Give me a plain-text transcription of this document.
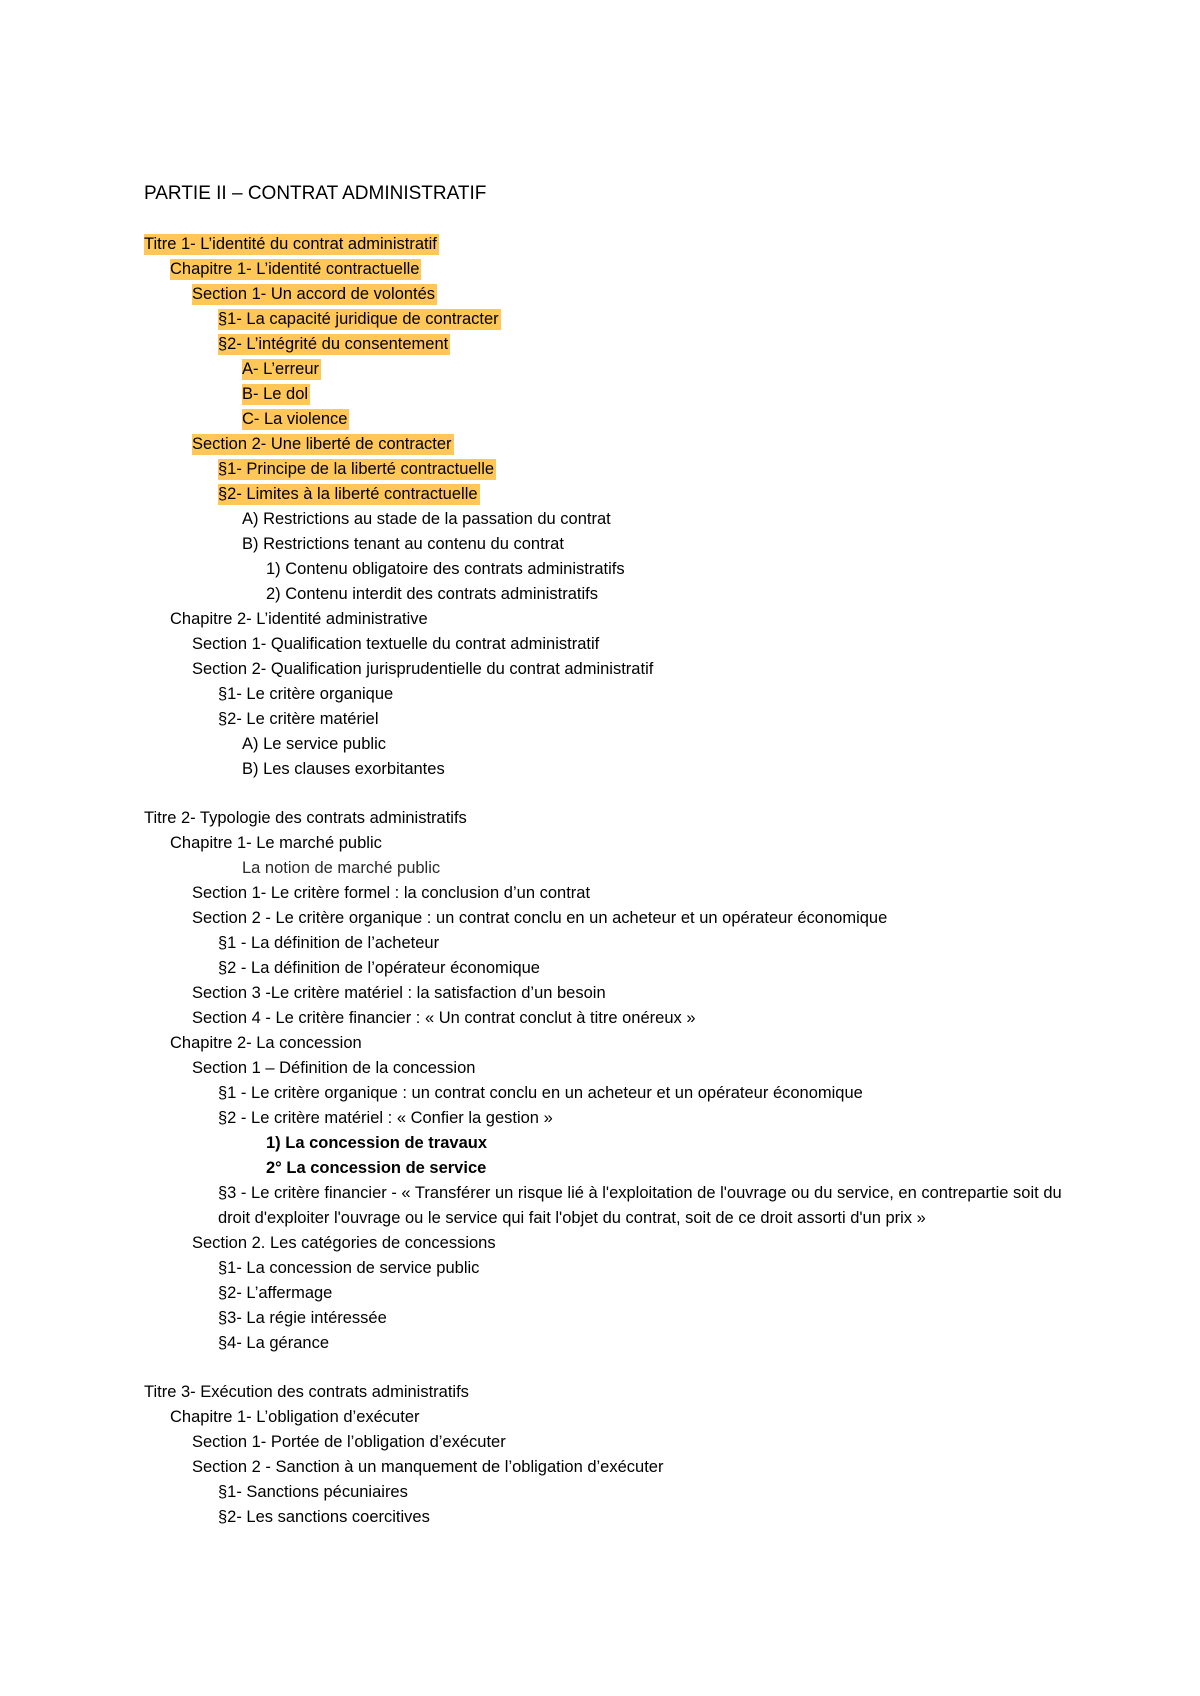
PARTIE II – CONTRAT ADMINISTRATIF
Titre 1- L’identité du contrat administratif
Chapitre 1- L’identité contractuelle
Section 1- Un accord de volontés
§1- La capacité juridique de contracter
§2- L’intégrité du consentement
A- L’erreur
B- Le dol
C- La violence
Section 2- Une liberté de contracter
§1- Principe de la liberté contractuelle
§2- Limites à la liberté contractuelle
A) Restrictions au stade de la passation du contrat
B) Restrictions tenant au contenu du contrat
1) Contenu obligatoire des contrats administratifs
2) Contenu interdit des contrats administratifs
Chapitre 2- L’identité administrative
Section 1- Qualification textuelle du contrat administratif
Section 2- Qualification jurisprudentielle du contrat administratif
§1- Le critère organique
§2- Le critère matériel
A) Le service public
B) Les clauses exorbitantes
Titre 2- Typologie des contrats administratifs
Chapitre 1- Le marché public
La notion de marché public
Section 1- Le critère formel : la conclusion d’un contrat
Section 2 - Le critère organique : un contrat conclu en un acheteur et un opérateur économique
§1 - La définition de l’acheteur
§2 - La définition de l’opérateur économique
Section 3 -Le critère matériel : la satisfaction d’un besoin
Section 4 - Le critère financier : « Un contrat conclut à titre onéreux »
Chapitre 2- La concession
Section 1 – Définition de la concession
§1 - Le critère organique : un contrat conclu en un acheteur et un opérateur économique
§2 - Le critère matériel : « Confier la gestion »
1) La concession de travaux
2° La concession de service
§3 - Le critère financier - « Transférer un risque lié à l'exploitation de l'ouvrage ou du service, en contrepartie soit du droit d'exploiter l'ouvrage ou le service qui fait l'objet du contrat, soit de ce droit assorti d'un prix »
Section 2. Les catégories de concessions
§1- La concession de service public
§2- L’affermage
§3- La régie intéressée
§4- La gérance
Titre 3- Exécution des contrats administratifs
Chapitre 1- L’obligation d’exécuter
Section 1- Portée de l’obligation d’exécuter
Section 2 - Sanction à un manquement de l’obligation d’exécuter
§1- Sanctions pécuniaires
§2- Les sanctions coercitives
